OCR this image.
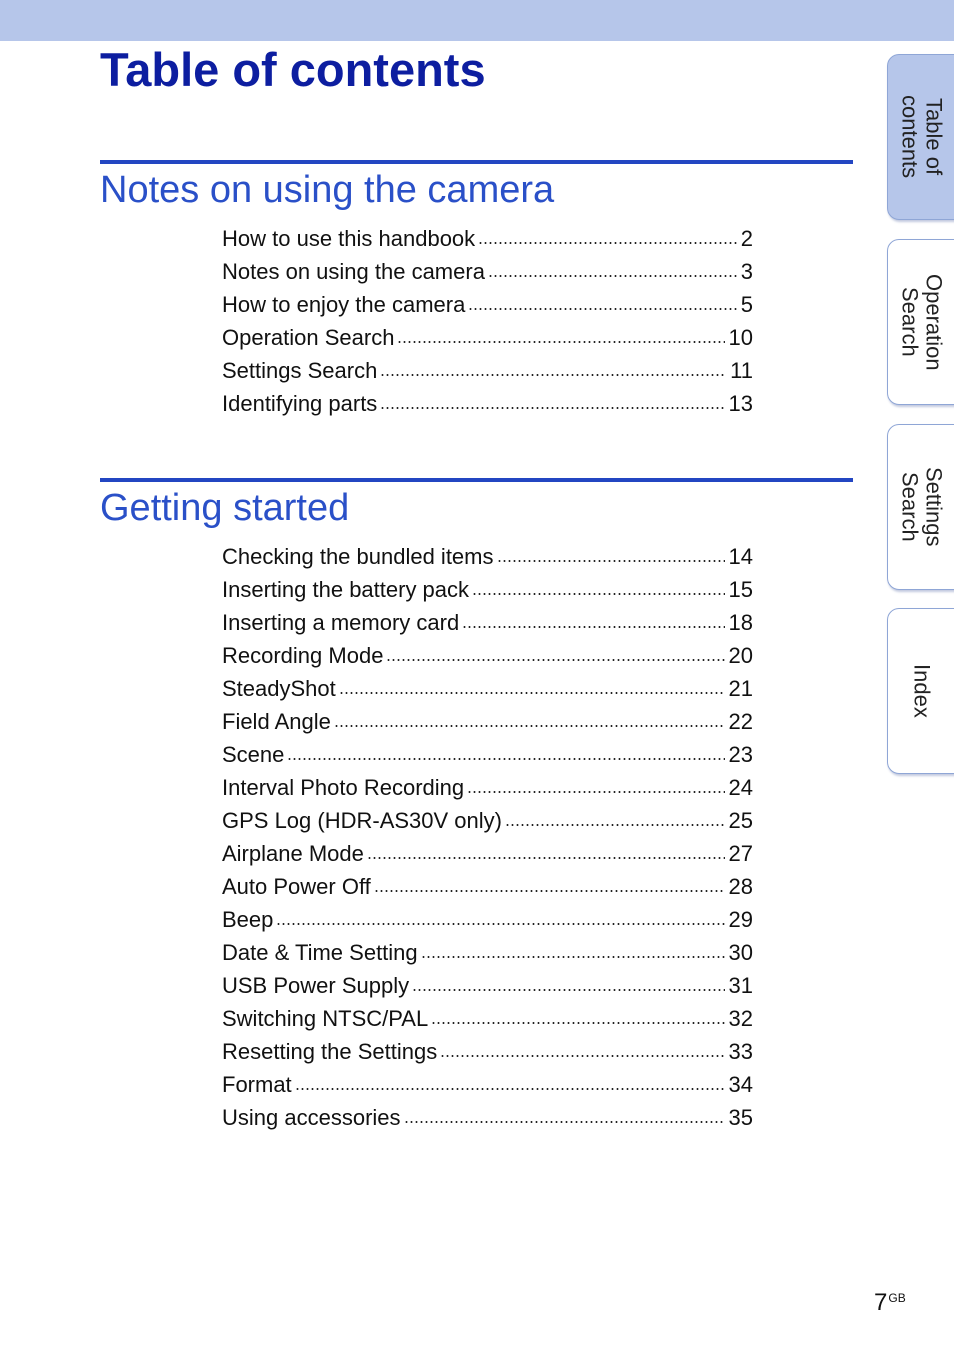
Table of contents
Notes on using the camera
How to use this handbook	2
Notes on using the camera	3
How to enjoy the camera	5
Operation Search	10
Settings Search	11
Identifying parts	13
Getting started
Checking the bundled items	14
Inserting the battery pack	15
Inserting a memory card	18
Recording Mode	20
SteadyShot	21
Field Angle	22
Scene	23
Interval Photo Recording	24
GPS Log (HDR-AS30V only)	25
Airplane Mode	27
Auto Power Off	28
Beep	29
Date & Time Setting	30
USB Power Supply	31
Switching NTSC/PAL	32
Resetting the Settings	33
Format	34
Using accessories	35
Table of
contents
Operation
Search
Settings
Search
Index
$7^{GB}$
